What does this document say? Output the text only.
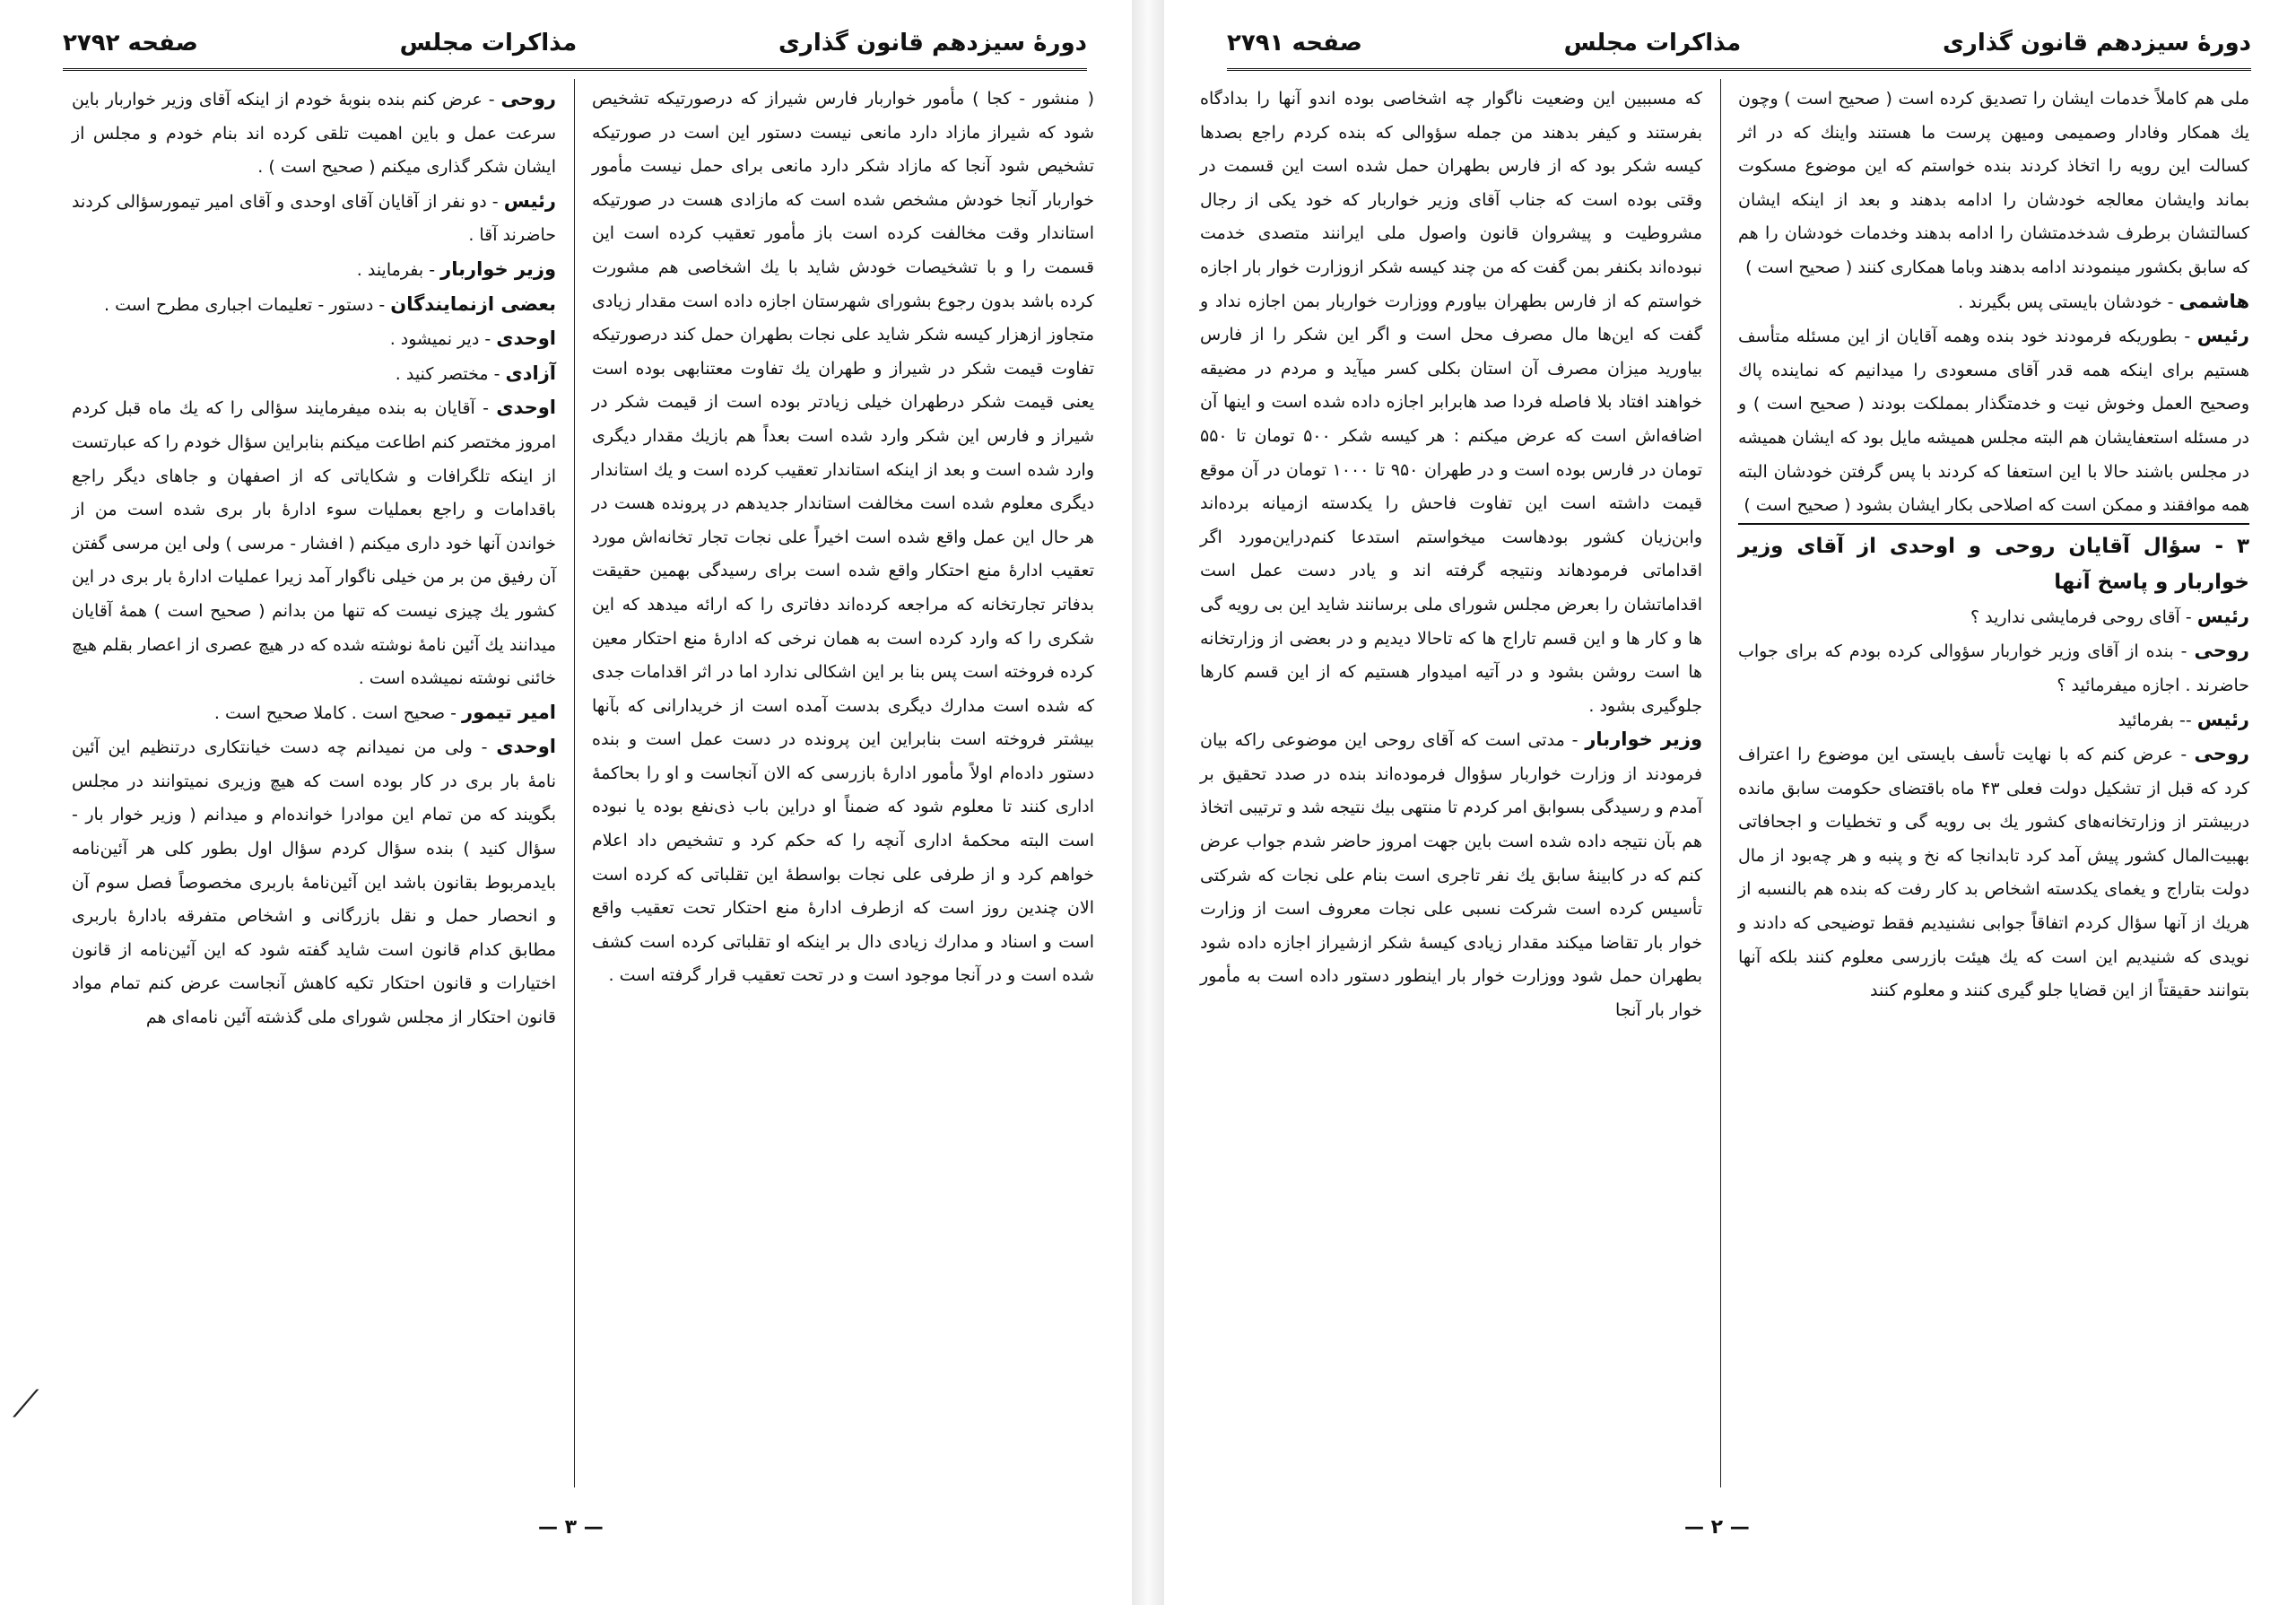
دورهٔ سیزدهم قانون گذاری
مذاکرات مجلس
صفحه ۲۷۹۲

( منشور - کجا ) مأمور خواربار فارس شیراز که درصورتیکه تشخیص شود که شیراز مازاد دارد مانعی نیست دستور این است در صورتیکه تشخیص شود آنجا که مازاد شکر دارد مانعی برای حمل نیست مأمور خواربار آنجا خودش مشخص شده است که مازادی هست در صورتیکه استاندار وقت مخالفت کرده است باز مأمور تعقیب کرده است این قسمت را و با تشخیصات خودش شاید با یك اشخاصی هم مشورت کرده باشد بدون رجوع بشورای شهرستان اجازه داده است مقدار زیادی متجاوز ازهزار کیسه شکر شاید علی نجات بطهران حمل کند درصورتیکه تفاوت قیمت شکر در شیراز و طهران یك تفاوت معتنابهی بوده است یعنی قیمت شکر درطهران خیلی زیادتر بوده است از قیمت شکر در شیراز و فارس این شکر وارد شده است بعداً هم بازیك مقدار دیگری وارد شده است و بعد از اینکه استاندار تعقیب کرده است و یك استاندار دیگری معلوم شده است مخالفت استاندار جدیدهم در پرونده هست در هر حال این عمل واقع شده است اخیراً علی نجات تجار تخانه‌اش مورد تعقیب ادارهٔ منع احتکار واقع شده است برای رسیدگی بهمین حقیقت بدفاتر تجارتخانه که مراجعه کرده‌اند دفاتری را که ارائه میدهد که این شکری را که وارد کرده است به همان نرخی که ادارهٔ منع احتکار معین کرده فروخته است پس بنا بر این اشکالی ندارد اما در اثر اقدامات جدی که شده است مدارك دیگری بدست آمده است از خریدارانی که بآنها بیشتر فروخته است بنابراین این پرونده در دست عمل است و بنده دستور داده‌ام اولاً مأمور ادارهٔ بازرسی که الان آنجاست و او را بحاکمهٔ اداری کنند تا معلوم شود که ضمناً او دراین باب ذی‌نفع بوده یا نبوده است البته محکمهٔ اداری آنچه را که حکم کرد و تشخیص داد اعلام خواهم کرد و از طرفی علی نجات بواسطهٔ این تقلباتی که کرده است الان چندین روز است که ازطرف ادارهٔ منع احتکار تحت تعقیب واقع است و اسناد و مدارك زیادی دال بر اینکه او تقلباتی کرده است کشف شده است و در آنجا موجود است و در تحت تعقیب قرار گرفته است .

روحی - عرض کنم بنده بنوبهٔ خودم از اینکه آقای وزیر خواربار باین سرعت عمل و باین اهمیت تلقی کرده اند بنام خودم و مجلس از ایشان شکر گذاری میکنم ( صحیح است ) .

رئیس - دو نفر از آقایان آقای اوحدی و آقای امیر تیمورسؤالی کردند حاضرند آقا .

وزیر خواربار - بفرمایند .

بعضی ازنمایندگان - دستور - تعلیمات اجباری مطرح است .

اوحدی - دیر نمیشود .

آزادی - مختصر کنید .

اوحدی - آقایان به بنده میفرمایند سؤالی را که یك ماه قبل کردم امروز مختصر کنم اطاعت میکنم بنابراین سؤال خودم را که عبارتست از اینکه تلگرافات و شکایاتی که از اصفهان و جاهای دیگر راجع باقدامات و راجع بعملیات سوء ادارهٔ بار بری شده است من از خواندن آنها خود داری میکنم ( افشار - مرسی ) ولی این مرسی گفتن آن رفیق من بر من خیلی ناگوار آمد زیرا عملیات ادارهٔ بار بری در این کشور یك چیزی نیست که تنها من بدانم ( صحیح است ) همهٔ آقایان میدانند یك آئین نامهٔ نوشته شده که در هیچ عصری از اعصار بقلم هیچ خائنی نوشته نمیشده است .

امیر تیمور - صحیح است . کاملا صحیح است .

اوحدی - ولی من نمیدانم چه دست خیانتکاری درتنظیم این آئین نامهٔ بار بری در کار بوده است که هیچ وزیری نمیتوانند در مجلس بگویند که من تمام این موادرا خوانده‌ام و میدانم ( وزیر خوار بار - سؤال کنید ) بنده سؤال کردم سؤال اول بطور کلی هر آئین‌نامه بایدمربوط بقانون باشد این آئین‌نامهٔ باربری مخصوصاً فصل سوم آن و انحصار حمل و نقل بازرگانی و اشخاص متفرقه بادارهٔ باربری مطابق کدام قانون است شاید گفته شود که این آئین‌نامه از قانون اختیارات و قانون احتکار تکیه کاهش آنجاست عرض کنم تمام مواد قانون احتکار از مجلس شورای ملی گذشته آئین نامه‌ای هم

⟋
— ۳ —
دورهٔ سیزدهم قانون گذاری
مذاکرات مجلس
صفحه ۲۷۹۱

ملی هم کاملاً خدمات ایشان را تصدیق کرده است ( صحیح است ) وچون یك همکار وفادار وصمیمی ومیهن پرست ما هستند واینك که در اثر کسالت این رویه را اتخاذ کردند بنده خواستم که این موضوع مسکوت بماند وایشان معالجه خودشان را ادامه بدهند و بعد از اینکه ایشان کسالتشان برطرف شدخدمتشان را ادامه بدهند وخدمات خودشان را هم که سابق بکشور مینمودند ادامه بدهند وباما همکاری کنند ( صحیح است )

هاشمی - خودشان بایستی پس بگیرند .

رئیس - بطوریکه فرمودند خود بنده وهمه آقایان از این مسئله متأسف هستیم برای اینکه همه قدر آقای مسعودی را میدانیم که نماینده پاك وصحیح العمل وخوش نیت و خدمتگذار بمملکت بودند ( صحیح است ) و در مسئله استعفایشان هم البته مجلس همیشه مایل بود که ایشان همیشه در مجلس باشند حالا با این استعفا که کردند با پس گرفتن خودشان البته همه موافقند و ممکن است که اصلاحی بکار ایشان بشود ( صحیح است )

۳ - سؤال آقایان روحی و اوحدی از آقای وزیر خواربار و پاسخ آنها

رئیس - آقای روحی فرمایشی ندارید ؟

روحی - بنده از آقای وزیر خواربار سؤوالی کرده بودم که برای جواب حاضرند . اجازه میفرمائید ؟

رئیس -- بفرمائید

روحی - عرض کنم که با نهایت تأسف بایستی این موضوع را اعتراف کرد که قبل از تشکیل دولت فعلی ۴۳ ماه باقتضای حکومت سابق مانده دربیشتر از وزارتخانه‌های کشور یك بی رویه گی و تخطیات و اجحافاتی بهبیت‌المال کشور پیش آمد کرد تابدانجا که نخ و پنبه و هر چه‌بود از مال دولت بتاراج و یغمای یکدسته اشخاص بد کار رفت که بنده هم بالنسبه از هریك از آنها سؤال کردم اتفاقاً جوابی نشنیدیم فقط توضیحی که دادند و نویدی که شنیدیم این است که یك هیئت بازرسی معلوم کنند بلکه آنها بتوانند حقیقتاً از این قضایا جلو گیری کنند و معلوم کنند

که مسببین این وضعیت ناگوار چه اشخاصی بوده اندو آنها را بدادگاه بفرستند و کیفر بدهند من جمله سؤوالی که بنده کردم راجع بصدها کیسه شکر بود که از فارس بطهران حمل شده است این قسمت در وقتی بوده است که جناب آقای وزیر خواربار که خود یکی از رجال مشروطیت و پیشروان قانون واصول ملی ایرانند متصدی خدمت نبوده‌اند بکنفر بمن گفت که من چند کیسه شکر ازوزارت خوار بار اجازه خواستم که از فارس بطهران بیاورم ووزارت خواربار بمن اجازه نداد و گفت که این‌ها مال مصرف محل است و اگر این شکر را از فارس بیاورید میزان مصرف آن استان بکلی کسر میآید و مردم در مضیقه خواهند افتاد بلا فاصله فردا صد هابرابر اجازه داده شده است و اینها آن اضافه‌اش است که عرض میکنم : هر کیسه شکر ۵۰۰ تومان تا ۵۵۰ تومان در فارس بوده است و در طهران ۹۵۰ تا ۱۰۰۰ تومان در آن موقع قیمت داشته است این تفاوت فاحش را یکدسته ازمیانه برده‌اند وابن‌زیان کشور بودهاست میخواستم استدعا کنم‌دراین‌مورد اگر اقداماتی فرمودهاند ونتیجه گرفته اند و یادر دست عمل است اقداماتشان را بعرض مجلس شورای ملی برسانند شاید این بی رویه گی ها و کار ها و این قسم تاراج ها که تاحالا دیدیم و در بعضی از وزارتخانه ها است روشن بشود و در آتیه امیدوار هستیم که از این قسم کارها جلوگیری بشود .

وزیر خواربار - مدتی است که آقای روحی این موضوعی راکه بیان فرمودند از وزارت خواربار سؤوال فرموده‌اند بنده در صدد تحقیق بر آمدم و رسیدگی بسوابق امر کردم تا منتهی بیك نتیجه شد و ترتیبی اتخاذ هم‌ بآن نتیجه داده شده است باین جهت امروز حاضر شدم جواب عرض کنم که در کابینهٔ سابق یك نفر تاجری است بنام علی نجات که شرکتی تأسیس کرده است شرکت نسبی علی نجات معروف است از وزارت خوار بار تقاضا میکند مقدار زیادی کیسهٔ شکر ازشیراز اجازه داده شود بطهران حمل شود ووزارت خوار بار اینطور دستور داده است به مأمور خوار بار آنجا

— ۲ —
